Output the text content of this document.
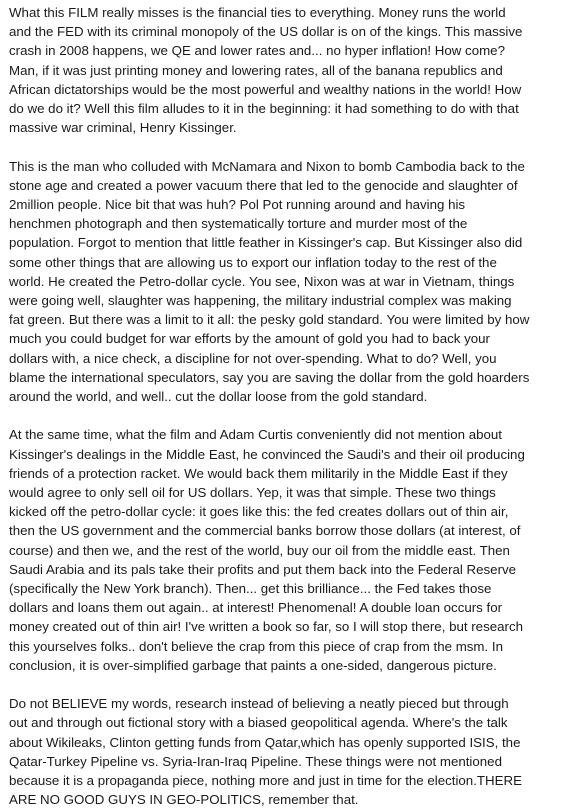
What this FILM really misses is the financial ties to everything. Money runs the world
and the FED with its criminal monopoly of the US dollar is on of the kings. This massive
crash in 2008 happens, we QE and lower rates and... no hyper inflation! How come?
Man, if it was just printing money and lowering rates, all of the banana republics and
African dictatorships would be the most powerful and wealthy nations in the world! How
do we do it? Well this film alludes to it in the beginning: it had something to do with that
massive war criminal, Henry Kissinger.
This is the man who colluded with McNamara and Nixon to bomb Cambodia back to the
stone age and created a power vacuum there that led to the genocide and slaughter of
2million people. Nice bit that was huh? Pol Pot running around and having his
henchmen photograph and then systematically torture and murder most of the
population. Forgot to mention that little feather in Kissinger's cap. But Kissinger also did
some other things that are allowing us to export our inflation today to the rest of the
world. He created the Petro-dollar cycle. You see, Nixon was at war in Vietnam, things
were going well, slaughter was happening, the military industrial complex was making
fat green. But there was a limit to it all: the pesky gold standard. You were limited by how
much you could budget for war efforts by the amount of gold you had to back your
dollars with, a nice check, a discipline for not over-spending. What to do? Well, you
blame the international speculators, say you are saving the dollar from the gold hoarders
around the world, and well.. cut the dollar loose from the gold standard.
At the same time, what the film and Adam Curtis conveniently did not mention about
Kissinger's dealings in the Middle East, he convinced the Saudi's and their oil producing
friends of a protection racket. We would back them militarily in the Middle East if they
would agree to only sell oil for US dollars. Yep, it was that simple. These two things
kicked off the petro-dollar cycle: it goes like this: the fed creates dollars out of thin air,
then the US government and the commercial banks borrow those dollars (at interest, of
course) and then we, and the rest of the world, buy our oil from the middle east. Then
Saudi Arabia and its pals take their profits and put them back into the Federal Reserve
(specifically the New York branch). Then... get this brilliance... the Fed takes those
dollars and loans them out again.. at interest! Phenomenal! A double loan occurs for
money created out of thin air! I've written a book so far, so I will stop there, but research
this yourselves folks.. don't believe the crap from this piece of crap from the msm. In
conclusion, it is over-simplified garbage that paints a one-sided, dangerous picture.
Do not BELIEVE my words, research instead of believing a neatly pieced but through
out and through out fictional story with a biased geopolitical agenda. Where's the talk
about Wikileaks, Clinton getting funds from Qatar,which has openly supported ISIS, the
Qatar-Turkey Pipeline vs. Syria-Iran-Iraq Pipeline. These things were not mentioned
because it is a propaganda piece, nothing more and just in time for the election.THERE
ARE NO GOOD GUYS IN GEO-POLITICS, remember that.
